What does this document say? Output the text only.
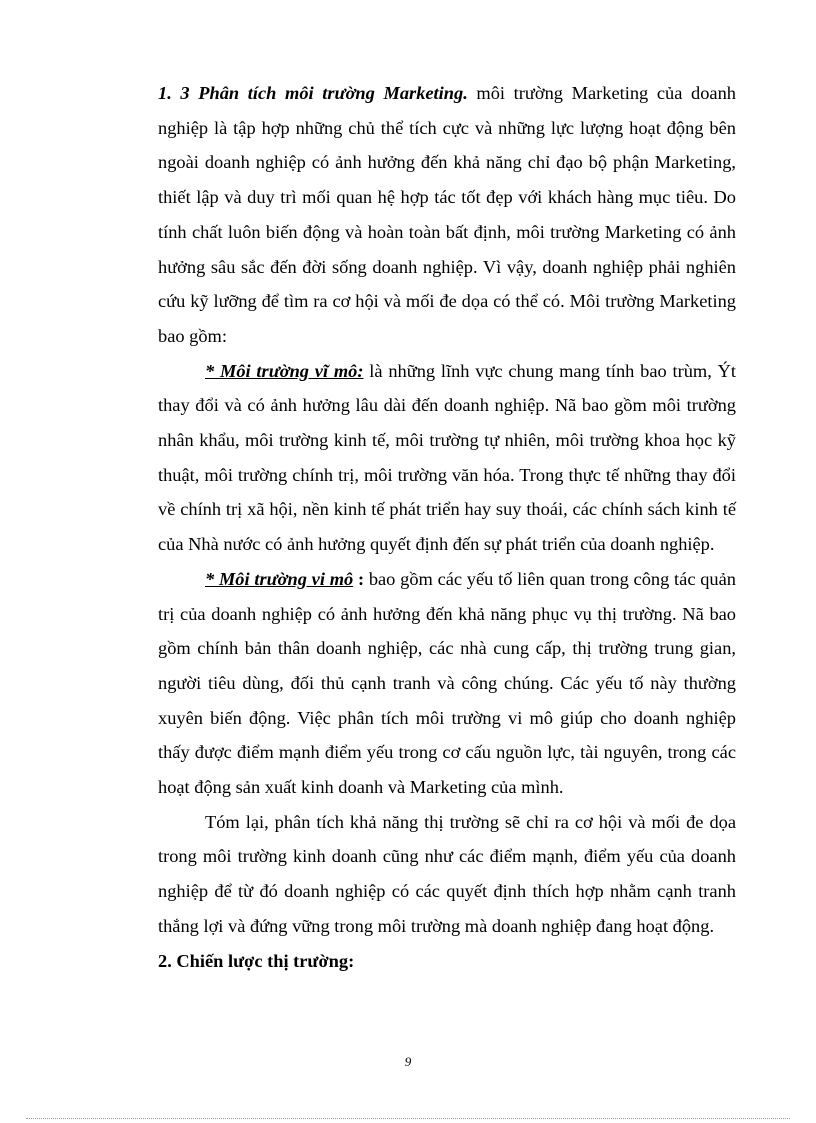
1. 3 Phân tích môi trường Marketing. môi trường Marketing của doanh nghiệp là tập hợp những chủ thể tích cực và những lực lượng hoạt động bên ngoài doanh nghiệp có ảnh hưởng đến khả năng chỉ đạo bộ phận Marketing, thiết lập và duy trì mối quan hệ hợp tác tốt đẹp với khách hàng mục tiêu. Do tính chất luôn biến động và hoàn toàn bất định, môi trường Marketing có ảnh hưởng sâu sắc đến đời sống doanh nghiệp. Vì vậy, doanh nghiệp phải nghiên cứu kỹ lưỡng để tìm ra cơ hội và mối đe dọa có thể có. Môi trường Marketing bao gồm:

* Môi trường vĩ mô: là những lĩnh vực chung mang tính bao trùm, Ýt thay đổi và có ảnh hưởng lâu dài đến doanh nghiệp. Nã bao gồm môi trường nhân khẩu, môi trường kinh tế, môi trường tự nhiên, môi trường khoa học kỹ thuật, môi trường chính trị, môi trường văn hóa. Trong thực tế những thay đổi về chính trị xã hội, nền kinh tế phát triển hay suy thoái, các chính sách kinh tế của Nhà nước có ảnh hưởng quyết định đến sự phát triển của doanh nghiệp.

* Môi trường vi mô : bao gồm các yếu tố liên quan trong công tác quản trị của doanh nghiệp có ảnh hưởng đến khả năng phục vụ thị trường. Nã bao gồm chính bản thân doanh nghiệp, các nhà cung cấp, thị trường trung gian, người tiêu dùng, đối thủ cạnh tranh và công chúng. Các yếu tố này thường xuyên biến động. Việc phân tích môi trường vi mô giúp cho doanh nghiệp thấy được điểm mạnh điểm yếu trong cơ cấu nguồn lực, tài nguyên, trong các hoạt động sản xuất kinh doanh và Marketing của mình.

Tóm lại, phân tích khả năng thị trường sẽ chỉ ra cơ hội và mối đe dọa trong môi trường kinh doanh cũng như các điểm mạnh, điểm yếu của doanh nghiệp để từ đó doanh nghiệp có các quyết định thích hợp nhằm cạnh tranh thắng lợi và đứng vững trong môi trường mà doanh nghiệp đang hoạt động.

2. Chiến lược thị trường:

9
